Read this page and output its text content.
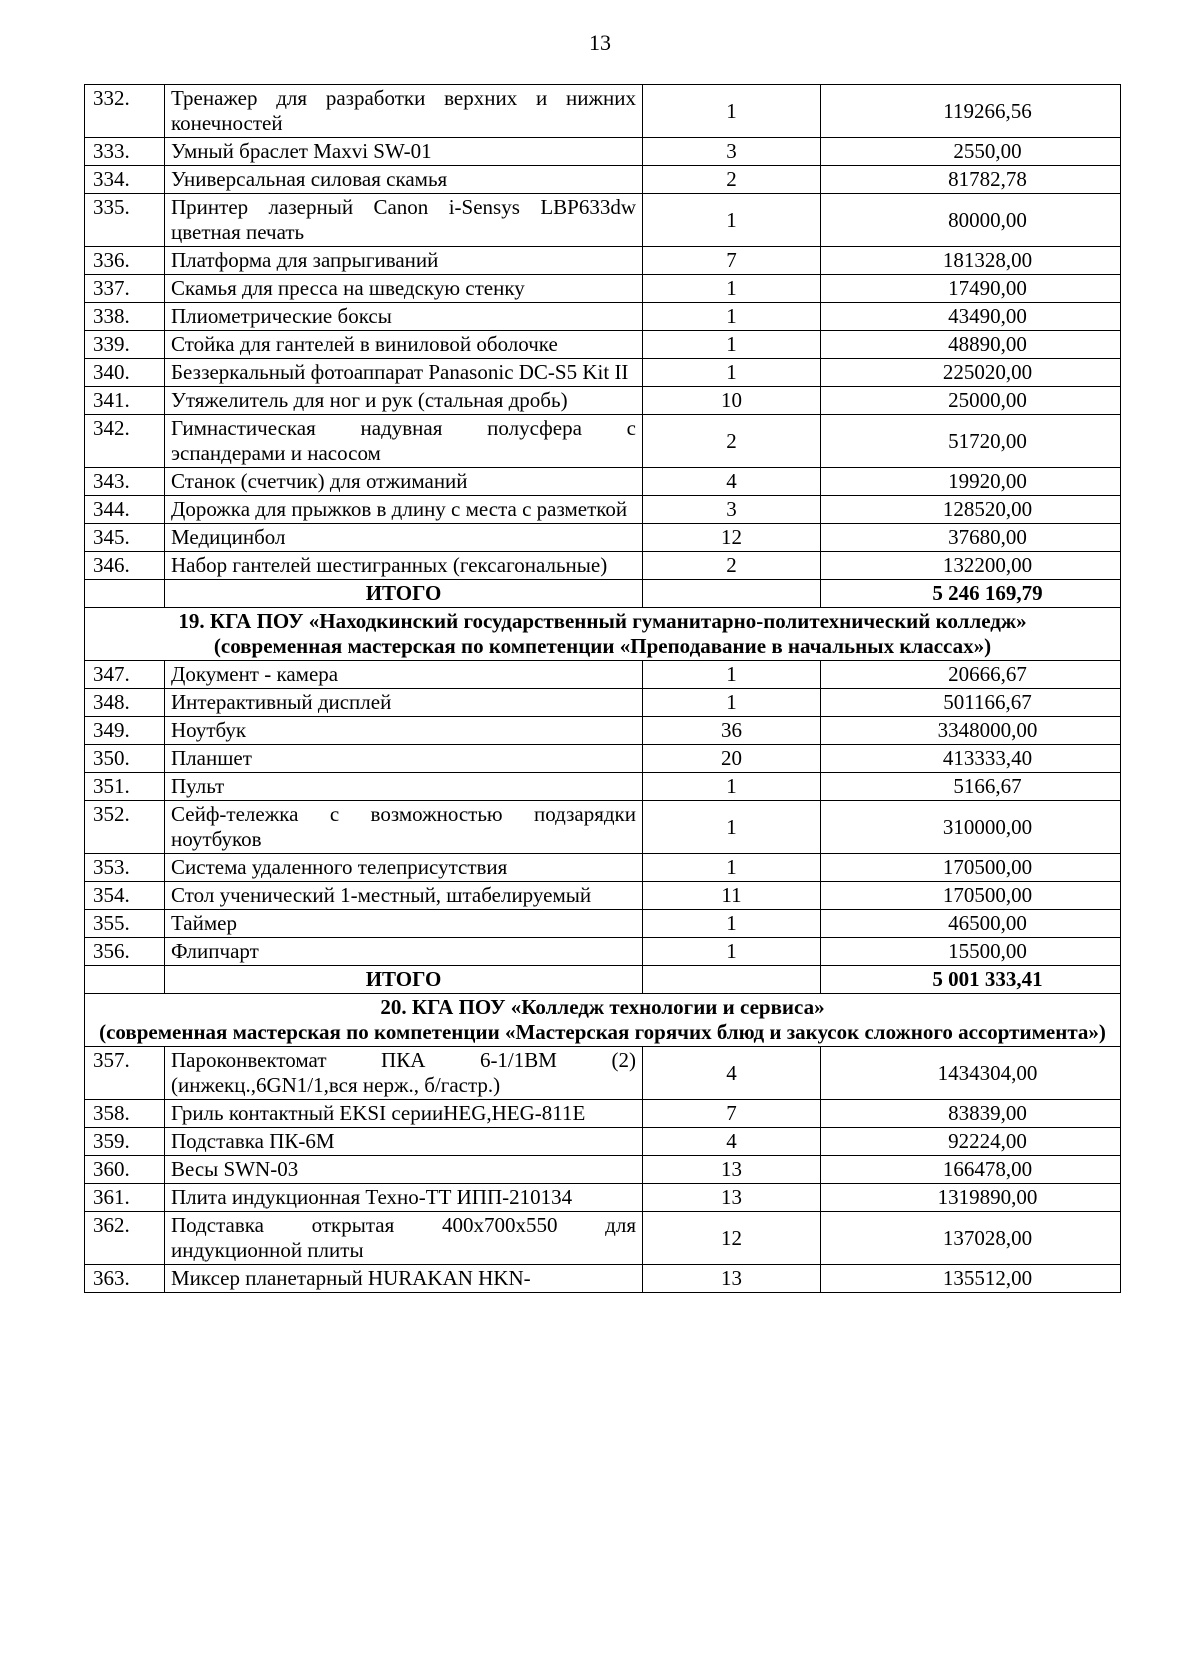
13
332.	Тренажер для разработки верхних и нижних конечностей	1	119266,56
333.	Умный браслет Maxvi SW-01	3	2550,00
334.	Универсальная силовая скамья	2	81782,78
335.	Принтер лазерный Canon i-Sensys LBP633dw цветная печать	1	80000,00
336.	Платформа для запрыгиваний	7	181328,00
337.	Скамья для пресса на шведскую стенку	1	17490,00
338.	Плиометрические боксы	1	43490,00
339.	Стойка для гантелей в виниловой оболочке	1	48890,00
340.	Беззеркальный фотоаппарат Panasonic DC-S5 Kit II	1	225020,00
341.	Утяжелитель для ног и рук (стальная дробь)	10	25000,00
342.	Гимнастическая надувная полусфера с эспандерами и насосом	2	51720,00
343.	Станок (счетчик) для отжиманий	4	19920,00
344.	Дорожка для прыжков в длину с места с разметкой	3	128520,00
345.	Медицинбол	12	37680,00
346.	Набор гантелей шестигранных (гексагональные)	2	132200,00
	ИТОГО		5 246 169,79

19. КГА ПОУ «Находкинский государственный гуманитарно-политехнический колледж»
(современная мастерская по компетенции «Преподавание в начальных классах»)			

347.	Документ - камера	1	20666,67
348.	Интерактивный дисплей	1	501166,67
349.	Ноутбук	36	3348000,00
350.	Планшет	20	413333,40
351.	Пульт	1	5166,67
352.	Сейф-тележка с возможностью подзарядки ноутбуков	1	310000,00
353.	Система удаленного телеприсутствия	1	170500,00
354.	Стол ученический 1-местный, штабелируемый	11	170500,00
355.	Таймер	1	46500,00
356.	Флипчарт	1	15500,00
	ИТОГО		5 001 333,41

20. КГА ПОУ «Колледж технологии и сервиса»
(современная мастерская по компетенции «Мастерская горячих блюд и закусок сложного ассортимента»)			

357.	Пароконвектомат ПКА 6-1/1ВМ (2) (инжекц.,6GN1/1,вся нерж., б/гастр.)	4	1434304,00
358.	Гриль контактный EKSI серииHEG,HEG-811E	7	83839,00
359.	Подставка ПК-6М	4	92224,00
360.	Весы SWN-03	13	166478,00
361.	Плита индукционная Техно-ТТ ИПП-210134	13	1319890,00
362.	Подставка открытая 400x700x550 для индукционной плиты	12	137028,00
363.	Миксер планетарный HURAKAN HKN-	13	135512,00
